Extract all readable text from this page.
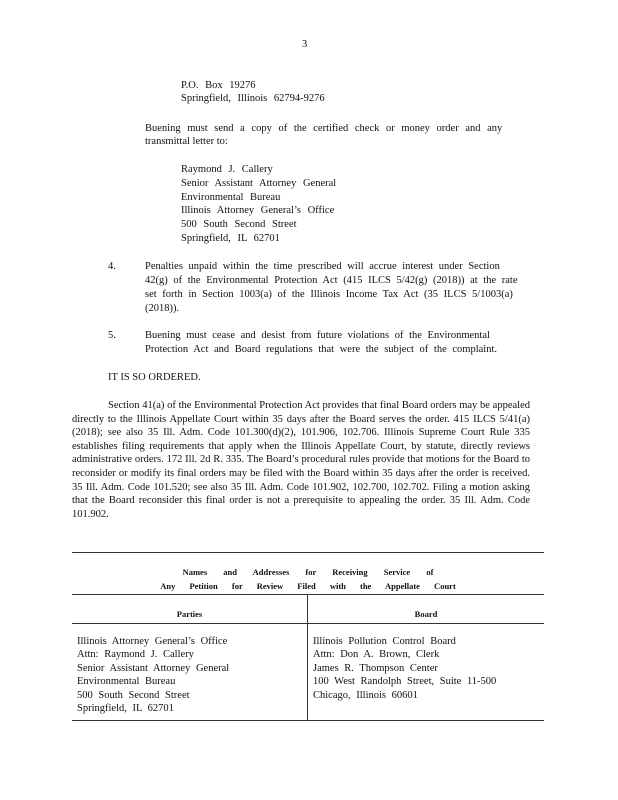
3
P.O. Box 19276
Springfield, Illinois 62794-9276
Buening must send a copy of the certified check or money order and any
transmittal letter to:
Raymond J. Callery
Senior Assistant Attorney General
Environmental Bureau
Illinois Attorney General’s Office
500 South Second Street
Springfield, IL 62701
4.	Penalties unpaid within the time prescribed will accrue interest under Section
42(g) of the Environmental Protection Act (415 ILCS 5/42(g) (2018)) at the rate
set forth in Section 1003(a) of the Illinois Income Tax Act (35 ILCS 5/1003(a)
(2018)).
5.	Buening must cease and desist from future violations of the Environmental
Protection Act and Board regulations that were the subject of the complaint.
IT IS SO ORDERED.
Section 41(a) of the Environmental Protection Act provides that final Board orders may be appealed directly to the Illinois Appellate Court within 35 days after the Board serves the order. 415 ILCS 5/41(a) (2018); see also 35 Ill. Adm. Code 101.300(d)(2), 101.906, 102.706. Illinois Supreme Court Rule 335 establishes filing requirements that apply when the Illinois Appellate Court, by statute, directly reviews administrative orders. 172 Ill. 2d R. 335. The Board’s procedural rules provide that motions for the Board to reconsider or modify its final orders may be filed with the Board within 35 days after the order is received. 35 Ill. Adm. Code 101.520; see also 35 Ill. Adm. Code 101.902, 102.700, 102.702. Filing a motion asking that the Board reconsider this final order is not a prerequisite to appealing the order. 35 Ill. Adm. Code 101.902.
Names and Addresses for Receiving Service of
Any Petition for Review Filed with the Appellate Court
Parties	Board
Illinois Attorney General’s Office
Attn: Raymond J. Callery
Senior Assistant Attorney General
Environmental Bureau
500 South Second Street
Springfield, IL 62701
Illinois Pollution Control Board
Attn: Don A. Brown, Clerk
James R. Thompson Center
100 West Randolph Street, Suite 11-500
Chicago, Illinois 60601
